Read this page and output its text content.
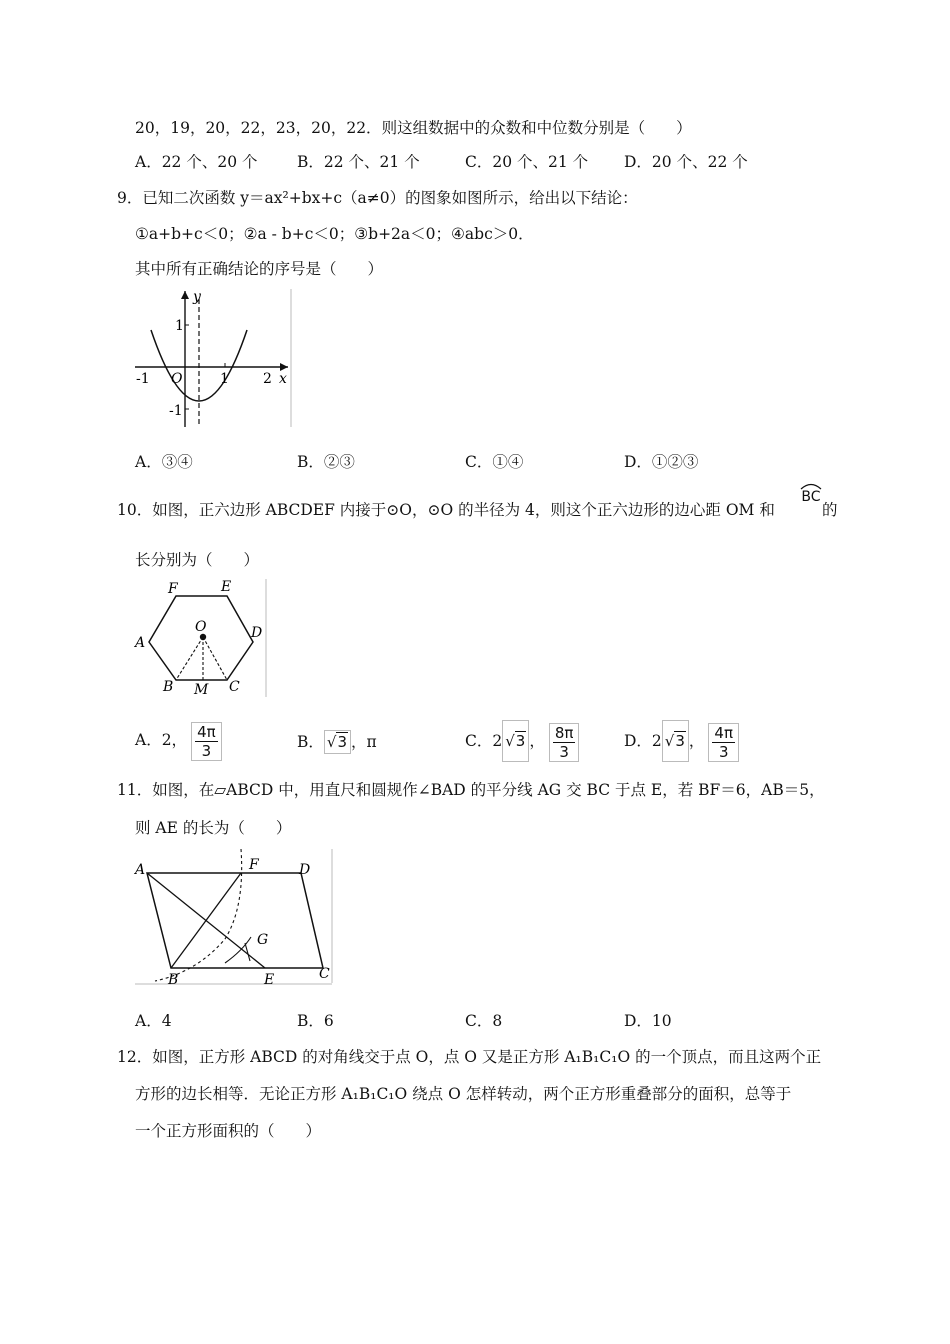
20，19，20，22，23，20，22．则这组数据中的众数和中位数分别是（　　）
A．22 个、20 个	B．22 个、21 个	C．20 个、21 个 D．20 个、22 个
9．已知二次函数 y＝ax²+bx+c（a≠0）的图象如图所示，给出以下结论：
①a+b+c＜0；②a - b+c＜0；③b+2a＜0；④abc＞0．
其中所有正确结论的序号是（　　）
y
x
O
-1	1 2
1
-1
A．③④	B．②③	C．①④	D．①②③
10．如图，正六边形 ABCDEF 内接于⊙O，⊙O 的半径为 4，则这个正六边形的边心距 OM 和
BC
的
长分别为（　　）
F	E
A
D
O
B M C
A．2， $\frac{4\pi}{3}$	B． √3 ，π	C．2 √3 ， $\frac{8\pi}{3}$	D．2 √3 ， $\frac{4\pi}{3}$
11．如图，在▱ABCD 中，用直尺和圆规作∠BAD 的平分线 AG 交 BC 于点 E，若 BF＝6，AB＝5，
则 AE 的长为（　　）
A	F	D
G
B	E	C
A．4	B．6	C．8	D．10
12．如图，正方形 ABCD 的对角线交于点 O，点 O 又是正方形 A₁B₁C₁O 的一个顶点，而且这两个正
方形的边长相等．无论正方形 A₁B₁C₁O 绕点 O 怎样转动，两个正方形重叠部分的面积，总等于
一个正方形面积的（　　）
